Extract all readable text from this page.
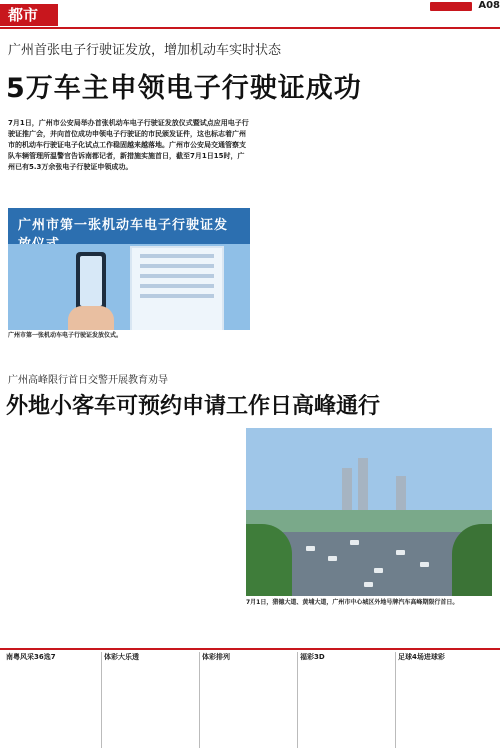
都市
A08
广州首张电子行驶证发放，增加机动车实时状态
5万车主申领电子行驶证成功
7月1日，广州市公安局举办首张机动车电子行驶证发放仪式暨试点应用电子行驶证推广会，并向首位成功申领电子行驶证的市民颁发证件，这也标志着广州市的机动车行驶证电子化试点工作稳固越来越落地。广州市公安局交通管察支队车辆管理所温警官告诉南都记者，新措施实施首日，截至7月1日15时，广州已有5.3万余张电子行驶证申领成功。
广州市第一张机动车电子行驶证发
广州市第一张机动车电子行驶证发放仪式。
广州高峰限行首日交警开展教育劝导
外地小客车可预约申请工作日高峰通行
7月1日，猎德大道、黄埔大道，广州市中心城区外地号牌汽车高峰期限行首日。
南粤风采36选7	体彩大乐透	体彩排列	福彩3D	足球4场进球彩
